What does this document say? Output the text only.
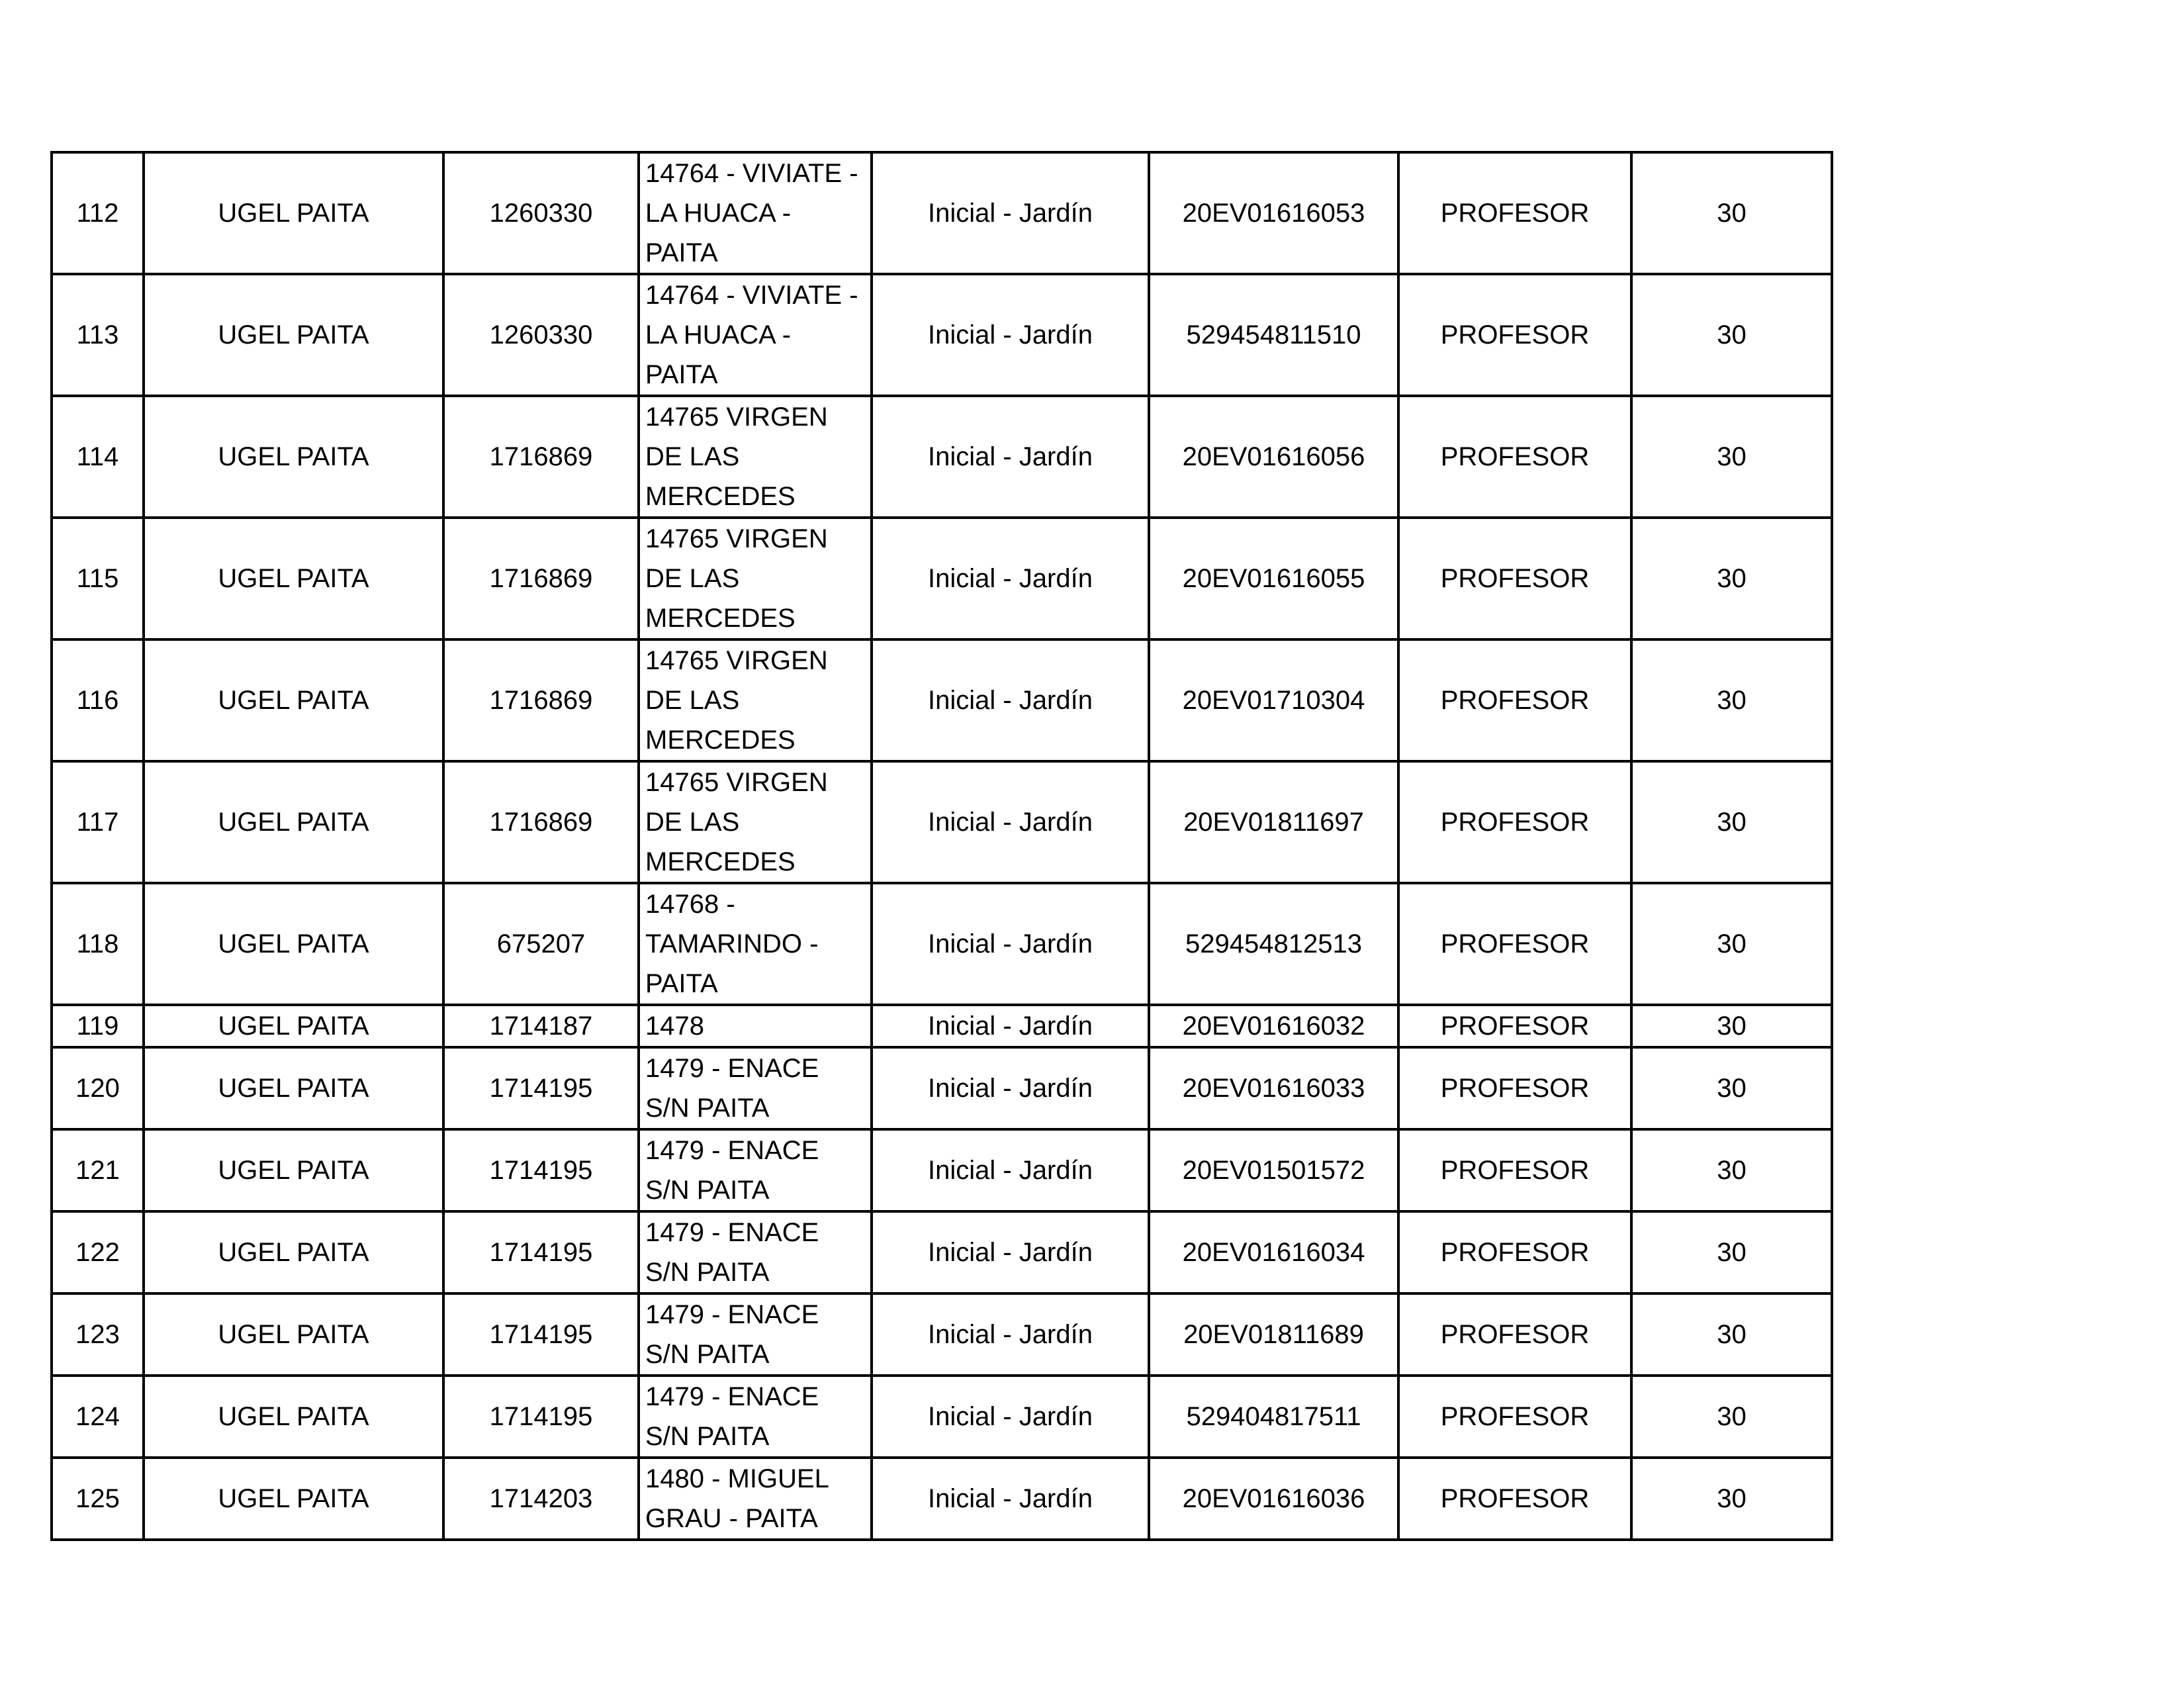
112	UGEL PAITA	1260330	14764 - VIVIATE - LA HUACA - PAITA	Inicial - Jardín	20EV01616053	PROFESOR	30
113	UGEL PAITA	1260330	14764 - VIVIATE - LA HUACA - PAITA	Inicial - Jardín	529454811510	PROFESOR	30
114	UGEL PAITA	1716869	14765 VIRGEN DE LAS MERCEDES	Inicial - Jardín	20EV01616056	PROFESOR	30
115	UGEL PAITA	1716869	14765 VIRGEN DE LAS MERCEDES	Inicial - Jardín	20EV01616055	PROFESOR	30
116	UGEL PAITA	1716869	14765 VIRGEN DE LAS MERCEDES	Inicial - Jardín	20EV01710304	PROFESOR	30
117	UGEL PAITA	1716869	14765 VIRGEN DE LAS MERCEDES	Inicial - Jardín	20EV01811697	PROFESOR	30
118	UGEL PAITA	675207	14768 - TAMARINDO - PAITA	Inicial - Jardín	529454812513	PROFESOR	30
119	UGEL PAITA	1714187	1478	Inicial - Jardín	20EV01616032	PROFESOR	30
120	UGEL PAITA	1714195	1479 - ENACE S/N PAITA	Inicial - Jardín	20EV01616033	PROFESOR	30
121	UGEL PAITA	1714195	1479 - ENACE S/N PAITA	Inicial - Jardín	20EV01501572	PROFESOR	30
122	UGEL PAITA	1714195	1479 - ENACE S/N PAITA	Inicial - Jardín	20EV01616034	PROFESOR	30
123	UGEL PAITA	1714195	1479 - ENACE S/N PAITA	Inicial - Jardín	20EV01811689	PROFESOR	30
124	UGEL PAITA	1714195	1479 - ENACE S/N PAITA	Inicial - Jardín	529404817511	PROFESOR	30
125	UGEL PAITA	1714203	1480 - MIGUEL GRAU - PAITA	Inicial - Jardín	20EV01616036	PROFESOR	30
